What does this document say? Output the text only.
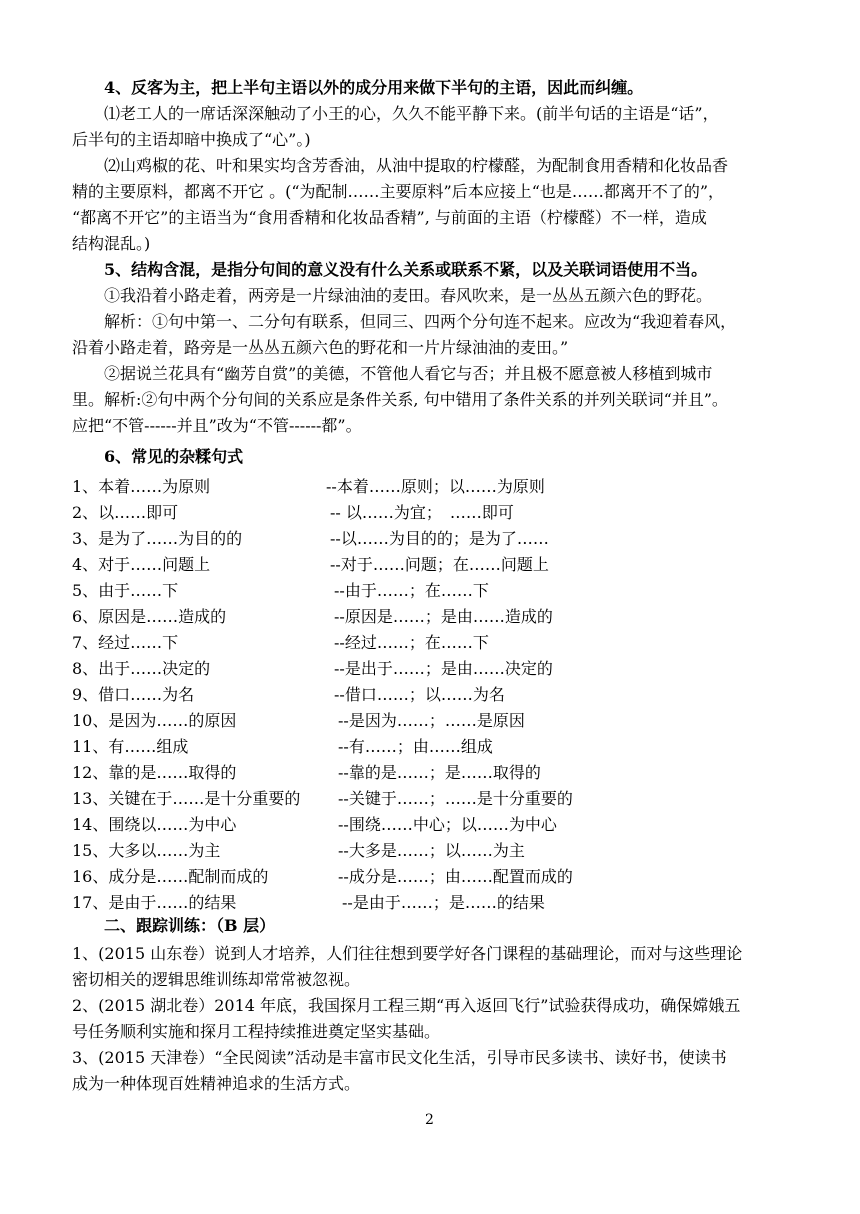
4、反客为主，把上半句主语以外的成分用来做下半句的主语，因此而纠缠。
⑴老工人的一席话深深触动了小王的心，久久不能平静下来。(前半句话的主语是“话”，
后半句的主语却暗中换成了“心”。)
⑵山鸡椒的花、叶和果实均含芳香油，从油中提取的柠檬醛，为配制食用香精和化妆品香
精的主要原料，都离不开它 。(“为配制……主要原料”后本应接上“也是……都离开不了的”，
“都离不开它”的主语当为“食用香精和化妆品香精”, 与前面的主语（柠檬醛）不一样，造成
结构混乱。)
5、结构含混，是指分句间的意义没有什么关系或联系不紧，以及关联词语使用不当。
①我沿着小路走着，两旁是一片绿油油的麦田。春风吹来，是一丛丛五颜六色的野花。
解析：①句中第一、二分句有联系，但同三、四两个分句连不起来。应改为“我迎着春风，
沿着小路走着，路旁是一丛丛五颜六色的野花和一片片绿油油的麦田。”
②据说兰花具有“幽芳自赏”的美德，不管他人看它与否；并且极不愿意被人移植到城市
里。解析:②句中两个分句间的关系应是条件关系, 句中错用了条件关系的并列关联词“并且”。
应把“不管------并且”改为“不管------都”。
6、常见的杂糅句式
1、本着……为原则	--本着……原则；以……为原则
2、以……即可	-- 以……为宜；　……即可
3、是为了……为目的的	--以……为目的的；是为了……
4、对于……问题上	--对于……问题；在……问题上
5、由于……下	--由于……；在……下
6、原因是……造成的	--原因是……；是由……造成的
7、经过……下	--经过……；在……下
8、出于……决定的	--是出于……；是由……决定的
9、借口……为名	--借口……；以……为名
10、是因为……的原因	--是因为……；……是原因
11、有……组成	--有……；由……组成
12、靠的是……取得的	--靠的是……；是……取得的
13、关键在于……是十分重要的 --关键于……；……是十分重要的
14、围绕以……为中心	--围绕……中心；以……为中心
15、大多以……为主	--大多是……；以……为主
16、成分是……配制而成的	--成分是……；由……配置而成的
17、是由于……的结果	--是由于……；是……的结果
二、跟踪训练：（B 层）
1、(2015 山东卷）说到人才培养，人们往往想到要学好各门课程的基础理论，而对与这些理论
密切相关的逻辑思维训练却常常被忽视。
2、(2015 湖北卷）2014 年底，我国探月工程三期“再入返回飞行”试验获得成功，确保嫦娥五
号任务顺利实施和探月工程持续推进奠定坚实基础。
3、(2015 天津卷）“全民阅读”活动是丰富市民文化生活，引导市民多读书、读好书，使读书
成为一种体现百姓精神追求的生活方式。
2
